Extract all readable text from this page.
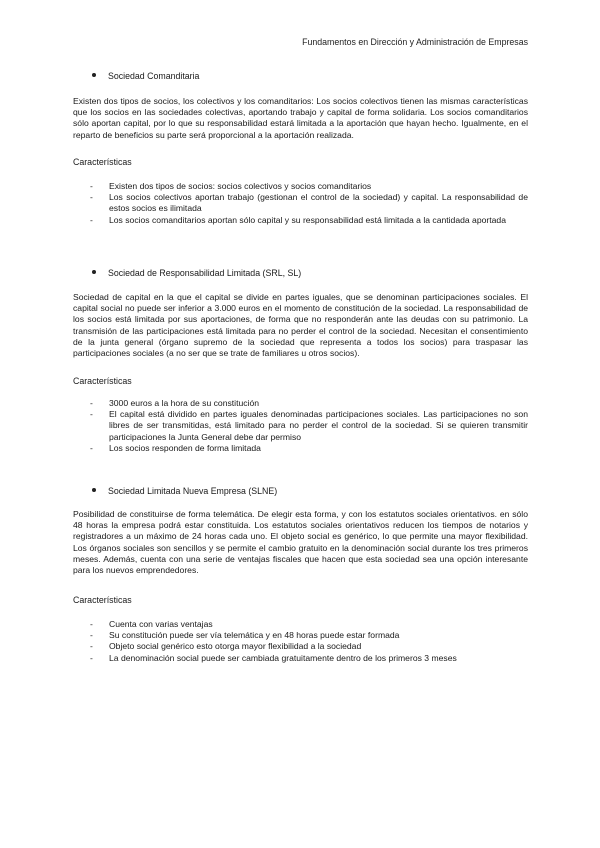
Fundamentos en Dirección y Administración de Empresas
Sociedad Comanditaria

Existen dos tipos de socios, los colectivos y los comanditarios: Los socios colectivos tienen las mismas características que los socios en las sociedades colectivas, aportando trabajo y capital de forma solidaria. Los socios comanditarios sólo aportan capital, por lo que su responsabilidad estará limitada a la aportación que hayan hecho. Igualmente, en el reparto de beneficios su parte será proporcional a la aportación realizada.

Características
- Existen dos tipos de socios: socios colectivos y socios comanditarios
- Los socios colectivos aportan trabajo (gestionan el control de la sociedad) y capital. La responsabilidad de estos socios es ilimitada
- Los socios comanditarios aportan sólo capital y su responsabilidad está limitada a la cantidada aportada
Sociedad de Responsabilidad Limitada (SRL, SL)

Sociedad de capital en la que el capital se divide en partes iguales, que se denominan participaciones sociales. El capital social no puede ser inferior a 3.000 euros en el momento de constitución de la sociedad. La responsabilidad de los socios está limitada por sus aportaciones, de forma que no responderán ante las deudas con su patrimonio. La transmisión de las participaciones está limitada para no perder el control de la sociedad. Necesitan el consentimiento de la junta general (órgano supremo de la sociedad que representa a todos los socios) para traspasar las participaciones sociales (a no ser que se trate de familiares u otros socios).

Características
- 3000 euros a la hora de su constitución
- El capital está dividido en partes iguales denominadas participaciones sociales. Las participaciones no son libres de ser transmitidas, está limitado para no perder el control de la sociedad. Si se quieren transmitir participaciones la Junta General debe dar permiso
- Los socios responden de forma limitada
Sociedad Limitada Nueva Empresa (SLNE)

Posibilidad de constituirse de forma telemática. De elegir esta forma, y con los estatutos sociales orientativos. en sólo 48 horas la empresa podrá estar constituida. Los estatutos sociales orientativos reducen los tiempos de notarios y registradores a un máximo de 24 horas cada uno. El objeto social es genérico, lo que permite una mayor flexibilidad. Los órganos sociales son sencillos y se permite el cambio gratuito en la denominación social durante los tres primeros meses. Además, cuenta con una serie de ventajas fiscales que hacen que esta sociedad sea una opción interesante para los nuevos emprendedores.

Características
- Cuenta con varias ventajas
- Su constitución puede ser vía telemática y en 48 horas puede estar formada
- Objeto social genérico esto otorga mayor flexibilidad a la sociedad
- La denominación social puede ser cambiada gratuitamente dentro de los primeros 3 meses
